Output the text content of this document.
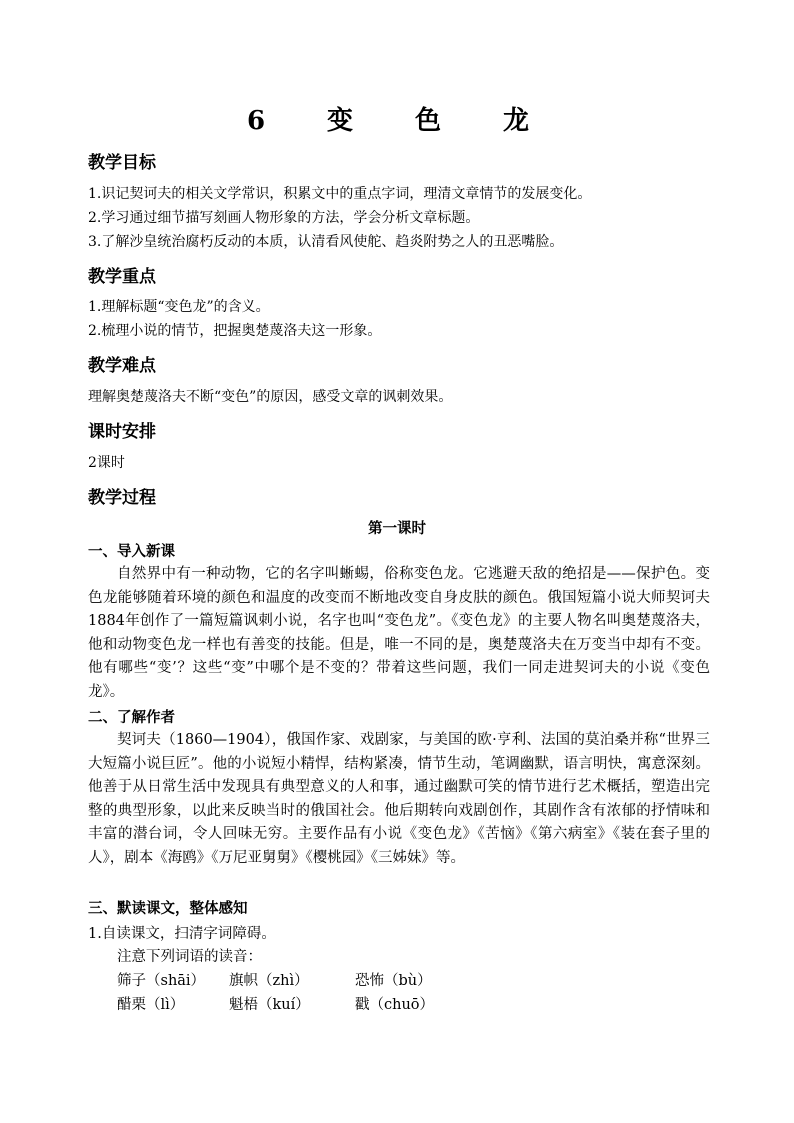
6　变　色　龙
教学目标

1.识记契诃夫的相关文学常识，积累文中的重点字词，理清文章情节的发展变化。

2.学习通过细节描写刻画人物形象的方法，学会分析文章标题。

3.了解沙皇统治腐朽反动的本质，认清看风使舵、趋炎附势之人的丑恶嘴脸。

教学重点

1.理解标题“变色龙”的含义。

2.梳理小说的情节，把握奥楚蔑洛夫这一形象。

教学难点

理解奥楚蔑洛夫不断“变色”的原因，感受文章的讽刺效果。

课时安排

2课时

教学过程

第一课时

一、导入新课

自然界中有一种动物，它的名字叫蜥蜴，俗称变色龙。它逃避天敌的绝招是——保护色。变色龙能够随着环境的颜色和温度的改变而不断地改变自身皮肤的颜色。俄国短篇小说大师契诃夫1884年创作了一篇短篇讽刺小说，名字也叫“变色龙”。《变色龙》的主要人物名叫奥楚蔑洛夫，他和动物变色龙一样也有善变的技能。但是，唯一不同的是，奥楚蔑洛夫在万变当中却有不变。他有哪些“变’？这些“变”中哪个是不变的？带着这些问题，我们一同走进契诃夫的小说《变色龙》。

二、了解作者

契诃夫（1860—1904），俄国作家、戏剧家，与美国的欧·亨利、法国的莫泊桑并称“世界三大短篇小说巨匠”。他的小说短小精悍，结构紧凑，情节生动，笔调幽默，语言明快，寓意深刻。他善于从日常生活中发现具有典型意义的人和事，通过幽默可笑的情节进行艺术概括，塑造出完整的典型形象，以此来反映当时的俄国社会。他后期转向戏剧创作，其剧作含有浓郁的抒情味和丰富的潜台词，令人回味无穷。主要作品有小说《变色龙》《苦恼》《第六病室》《装在套子里的人》，剧本《海鸥》《万尼亚舅舅》《樱桃园》《三姊妹》等。

三、默读课文，整体感知

1.自读课文，扫清字词障碍。

注意下列词语的读音：

筛子（shāi） 旗帜（zhì）	恐怖（bù）

醋栗（lì）	魁梧（kuí）	戳（chuō）
